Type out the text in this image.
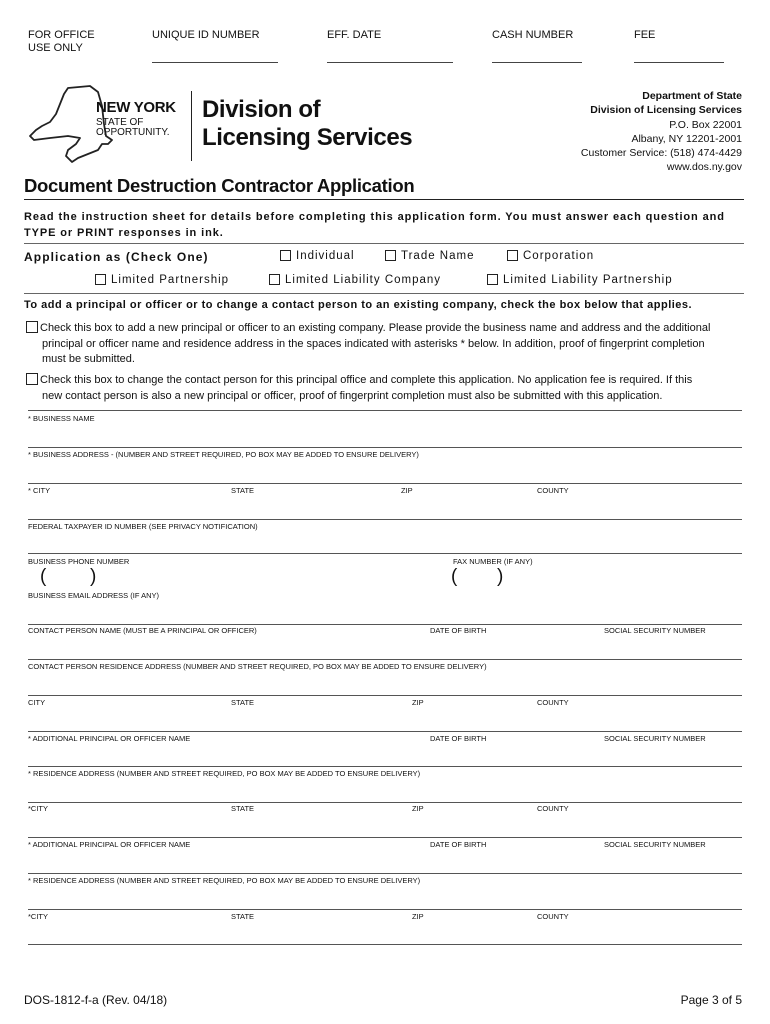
FOR OFFICE USE ONLY
UNIQUE ID NUMBER	EFF. DATE	CASH NUMBER	FEE
NEW YORK
STATE OF
OPPORTUNITY.
Division of
Licensing Services
Department of State
Division of Licensing Services
P.O. Box 22001
Albany, NY 12201-2001
Customer Service: (518) 474-4429
www.dos.ny.gov
Document Destruction Contractor Application
Read the instruction sheet for details before completing this application form. You must answer each question and
TYPE or PRINT responses in ink.
Application as (Check One)	Individual	Trade Name	Corporation
Limited Partnership	Limited Liability Company	Limited Liability Partnership
To add a principal or officer or to change a contact person to an existing company, check the box below that applies.
Check this box to add a new principal or officer to an existing company. Please provide the business name and address and the additional
principal or officer name and residence address in the spaces indicated with asterisks * below. In addition, proof of fingerprint completion
must be submitted.
Check this box to change the contact person for this principal office and complete this application. No application fee is required. If this
new contact person is also a new principal or officer, proof of fingerprint completion must also be submitted with this application.
* BUSINESS NAME
* BUSINESS ADDRESS - (NUMBER AND STREET REQUIRED, PO BOX MAY BE ADDED TO ENSURE DELIVERY)
* CITY	STATE	ZIP	COUNTY
FEDERAL TAXPAYER ID NUMBER (SEE PRIVACY NOTIFICATION)
BUSINESS PHONE NUMBER	FAX NUMBER (IF ANY)
( )	( )
BUSINESS EMAIL ADDRESS (IF ANY)
CONTACT PERSON NAME (MUST BE A PRINCIPAL OR OFFICER)	DATE OF BIRTH	SOCIAL SECURITY NUMBER
CONTACT PERSON RESIDENCE ADDRESS (NUMBER AND STREET REQUIRED, PO BOX MAY BE ADDED TO ENSURE DELIVERY)
CITY	STATE	ZIP	COUNTY
* ADDITIONAL PRINCIPAL OR OFFICER NAME	DATE OF BIRTH	SOCIAL SECURITY NUMBER
* RESIDENCE ADDRESS (NUMBER AND STREET REQUIRED, PO BOX MAY BE ADDED TO ENSURE DELIVERY)
*CITY	STATE	ZIP	COUNTY
* ADDITIONAL PRINCIPAL OR OFFICER NAME	DATE OF BIRTH	SOCIAL SECURITY NUMBER
* RESIDENCE ADDRESS (NUMBER AND STREET REQUIRED, PO BOX MAY BE ADDED TO ENSURE DELIVERY)
*CITY	STATE	ZIP	COUNTY
DOS-1812-f-a (Rev. 04/18)	Page 3 of 5
